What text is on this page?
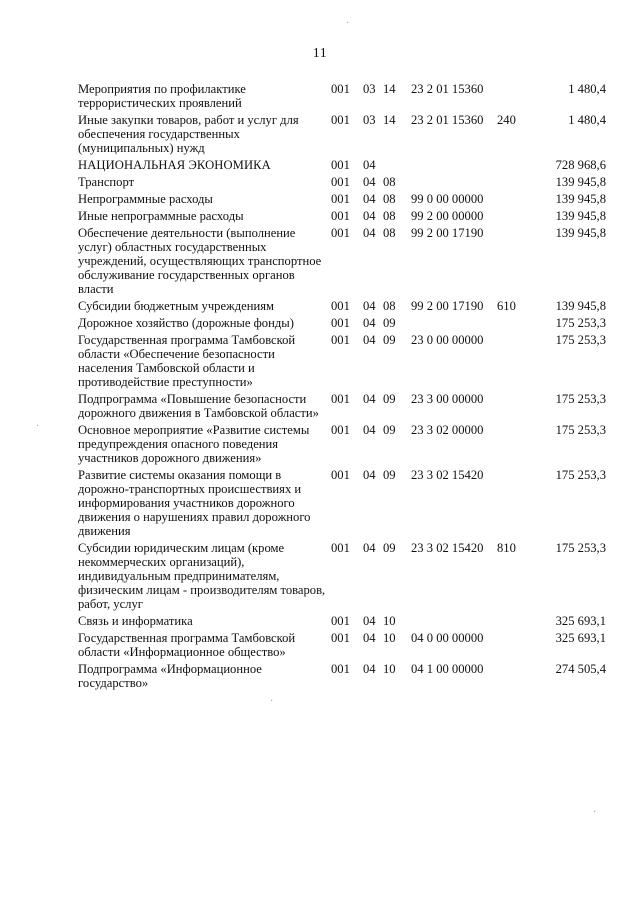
·
·
·
·
11
Мероприятия по профилактике террористических проявлений
001 03 14 23 2 01 15360	1 480,4
Иные закупки товаров, работ и услуг для обеспечения государственных (муниципальных) нужд
001 03 14 23 2 01 15360 240	1 480,4
НАЦИОНАЛЬНАЯ ЭКОНОМИКА	001 04	728 968,6
Транспорт	001 04 08	139 945,8
Непрограммные расходы	001 04 08 99 0 00 00000	139 945,8
Иные непрограммные расходы	001 04 08 99 2 00 00000	139 945,8
Обеспечение деятельности (выполнение услуг) областных государственных учреждений, осуществляющих транспортное обслуживание государственных органов власти
001 04 08 99 2 00 17190	139 945,8
Субсидии бюджетным учреждениям	001 04 08 99 2 00 17190 610	139 945,8
Дорожное хозяйство (дорожные фонды)	001 04 09	175 253,3
Государственная программа Тамбовской области «Обеспечение безопасности населения Тамбовской области и противодействие преступности»
001 04 09 23 0 00 00000	175 253,3
Подпрограмма «Повышение безопасности дорожного движения в Тамбовской области»
001 04 09 23 3 00 00000	175 253,3
Основное мероприятие «Развитие системы предупреждения опасного поведения участников дорожного движения»
001 04 09 23 3 02 00000	175 253,3
Развитие системы оказания помощи в дорожно-транспортных происшествиях и информирования участников дорожного движения о нарушениях правил дорожного движения
001 04 09 23 3 02 15420	175 253,3
Субсидии юридическим лицам (кроме некоммерческих организаций), индивидуальным предпринимателям, физическим лицам - производителям товаров, работ, услуг
001 04 09 23 3 02 15420 810	175 253,3
Связь и информатика	001 04 10	325 693,1
Государственная программа Тамбовской области «Информационное общество»
001 04 10 04 0 00 00000	325 693,1
Подпрограмма «Информационное государство»
001 04 10 04 1 00 00000	274 505,4
